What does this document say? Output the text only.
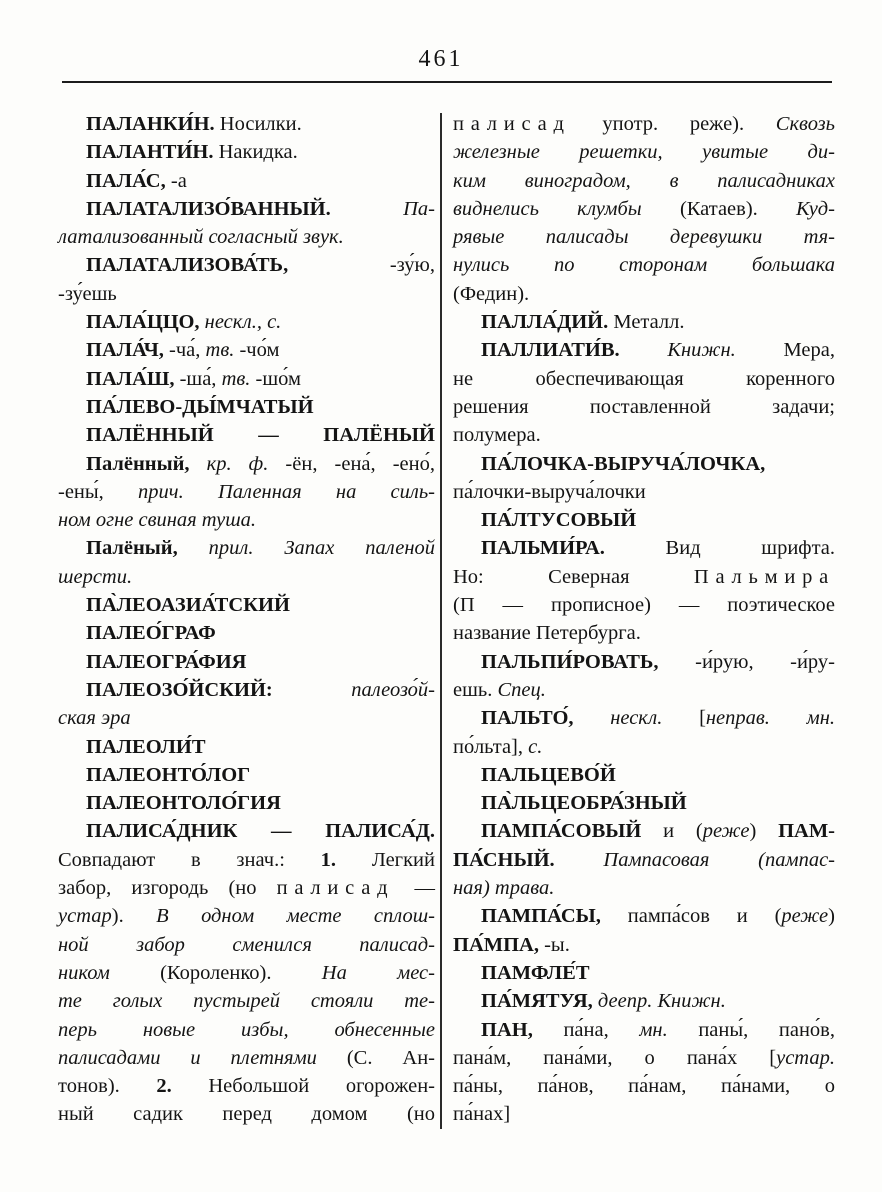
461
ПАЛАНКИ́Н. Носилки.
ПАЛАНТИ́Н. Накидка.
ПАЛА́С, -а
ПАЛАТАЛИЗО́ВАННЫЙ. Па-
латализованный согласный звук.
ПАЛАТАЛИЗОВА́ТЬ, -зу́ю,
-зу́ешь
ПАЛА́ЦЦО, нескл., с.
ПАЛА́Ч, -ча́, тв. -чо́м
ПАЛА́Ш, -ша́, тв. -шо́м
ПА́ЛЕВО-ДЫ́МЧАТЫЙ
ПАЛЁННЫЙ — ПАЛЁНЫЙ
Палённый, кр. ф. -ён, -ена́, -ено́,
-ены́, прич. Паленная на силь-
ном огне свиная туша.
Палёный, прил. Запах паленой
шерсти.
ПА̀ЛЕОАЗИА́ТСКИЙ
ПАЛЕО́ГРАФ
ПАЛЕОГРА́ФИЯ
ПАЛЕОЗО́ЙСКИЙ: палеозо́й-
ская эра
ПАЛЕОЛИ́Т
ПАЛЕОНТО́ЛОГ
ПАЛЕОНТОЛО́ГИЯ
ПАЛИСА́ДНИК — ПАЛИСА́Д.
Совпадают в знач.: 1. Легкий
забор, изгородь (но палисад —
устар). В одном месте сплош-
ной забор сменился палисад-
ником (Короленко). На мес-
те голых пустырей стояли те-
перь новые избы, обнесенные
палисадами и плетнями (С. Ан-
тонов). 2. Небольшой огорожен-
ный садик перед домом (но
палисад употр. реже). Сквозь
железные решетки, увитые ди-
ким виноградом, в палисадниках
виднелись клумбы (Катаев). Куд-
рявые палисады деревушки тя-
нулись по сторонам большака
(Федин).
ПАЛЛА́ДИЙ. Металл.
ПАЛЛИАТИ́В. Книжн. Мера,
не обеспечивающая коренного
решения поставленной задачи;
полумера.
ПА́ЛОЧКА-ВЫРУЧА́ЛОЧКА,
па́лочки-выруча́лочки
ПА́ЛТУСОВЫЙ
ПАЛЬМИ́РА. Вид шрифта.
Но: Северная Пальмира
(П — прописное) — поэтическое
название Петербурга.
ПАЛЬПИ́РОВАТЬ, -и́рую, -и́ру-
ешь. Спец.
ПАЛЬТО́, нескл. [неправ. мн.
по́льта], с.
ПАЛЬЦЕВО́Й
ПА̀ЛЬЦЕОБРА́ЗНЫЙ
ПАМПА́СОВЫЙ и (реже) ПАМ-
ПА́СНЫЙ. Пампасовая (пампас-
ная) трава.
ПАМПА́СЫ, пампа́сов и (реже)
ПА́МПА, -ы.
ПАМФЛЕ́Т
ПА́МЯТУЯ, деепр. Книжн.
ПАН, па́на, мн. паны́, пано́в,
пана́м, пана́ми, о пана́х [устар.
па́ны, па́нов, па́нам, па́нами, о
па́нах]
